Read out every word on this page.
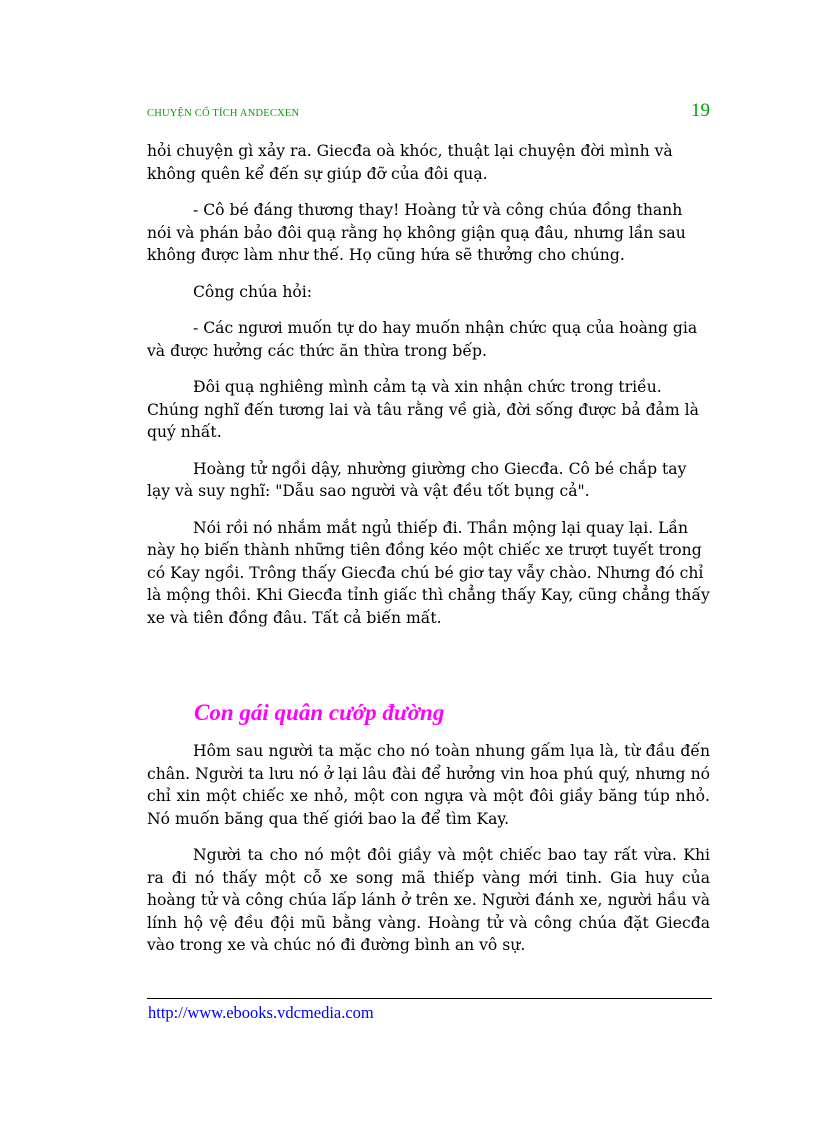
CHUYỆN CỔ TÍCH ANDECXEN	19

hỏi chuyện gì xảy ra. Giecđa oà khóc, thuật lại chuyện đời mình và không quên kể đến sự giúp đỡ của đôi quạ.

- Cô bé đáng thương thay! Hoàng tử và công chúa đồng thanh nói và phán bảo đôi quạ rằng họ không giận quạ đâu, nhưng lần sau không được làm như thế. Họ cũng hứa sẽ thưởng cho chúng.

Công chúa hỏi:

- Các ngươi muốn tự do hay muốn nhận chức quạ của hoàng gia và được hưởng các thức ăn thừa trong bếp.

Đôi quạ nghiêng mình cảm tạ và xin nhận chức trong triều. Chúng nghĩ đến tương lai và tâu rằng về già, đời sống được bả đảm là quý nhất.

Hoàng tử ngồi dậy, nhường giường cho Giecđa. Cô bé chắp tay lạy và suy nghĩ: "Dẫu sao người và vật đều tốt bụng cả".

Nói rồi nó nhắm mắt ngủ thiếp đi. Thần mộng lại quay lại. Lần này họ biến thành những tiên đồng kéo một chiếc xe trượt tuyết trong có Kay ngồi. Trông thấy Giecđa chú bé giơ tay vẫy chào. Nhưng đó chỉ là mộng thôi. Khi Giecđa tỉnh giấc thì chẳng thấy Kay, cũng chẳng thấy xe và tiên đồng đâu. Tất cả biến mất.

Con gái quân cướp đường

Hôm sau người ta mặc cho nó toàn nhung gấm lụa là, từ đầu đến chân. Người ta lưu nó ở lại lâu đài để hưởng vin hoa phú quý, nhưng nó chỉ xin một chiếc xe nhỏ, một con ngựa và một đôi giầy băng túp nhỏ. Nó muốn băng qua thế giới bao la để tìm Kay.

Người ta cho nó một đôi giầy và một chiếc bao tay rất vừa. Khi ra đi nó thấy một cỗ xe song mã thiếp vàng mới tinh. Gia huy của hoàng tử và công chúa lấp lánh ở trên xe. Người đánh xe, người hầu và lính hộ vệ đều đội mũ bằng vàng. Hoàng tử và công chúa đặt Giecđa vào trong xe và chúc nó đi đường bình an vô sự.

http://www.ebooks.vdcmedia.com
